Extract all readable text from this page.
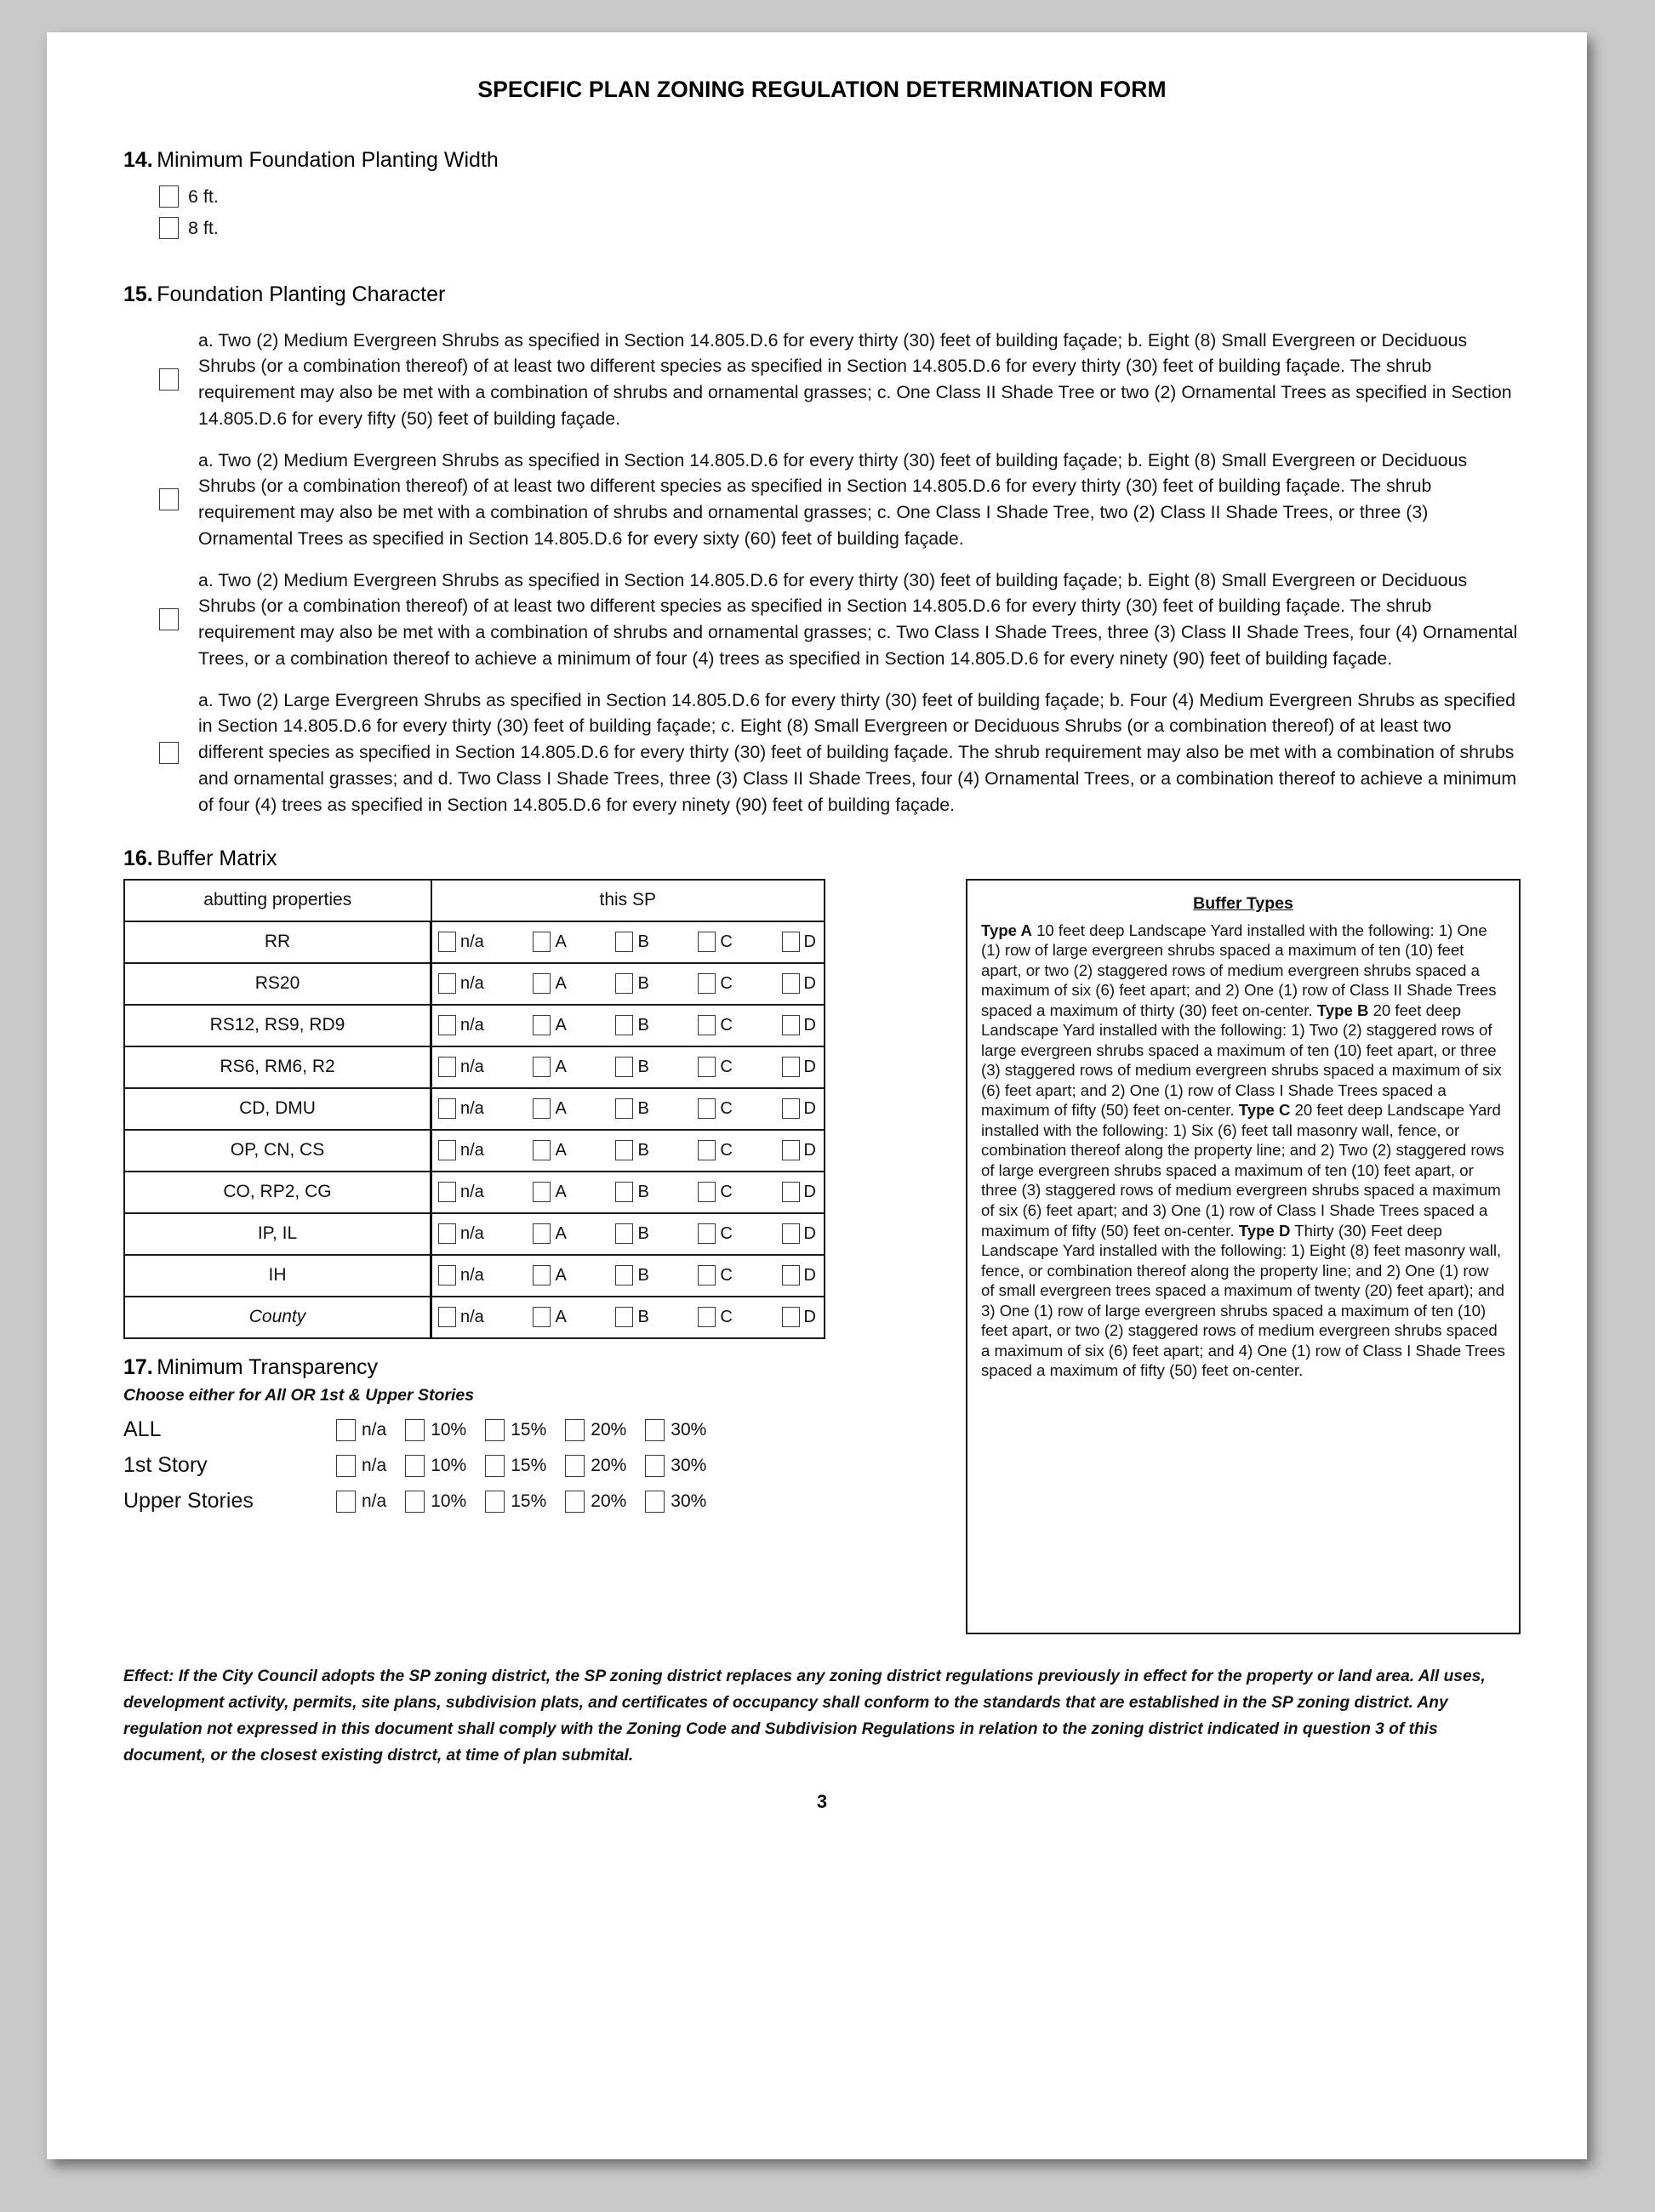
SPECIFIC PLAN ZONING REGULATION DETERMINATION FORM
14. Minimum Foundation Planting Width
6 ft.
8 ft.
15. Foundation Planting Character
a. Two (2) Medium Evergreen Shrubs as specified in Section 14.805.D.6 for every thirty (30) feet of building façade; b. Eight (8) Small Evergreen or Deciduous Shrubs (or a combination thereof) of at least two different species as specified in Section 14.805.D.6 for every thirty (30) feet of building façade. The shrub requirement may also be met with a combination of shrubs and ornamental grasses; c. One Class II Shade Tree or two (2) Ornamental Trees as specified in Section 14.805.D.6 for every fifty (50) feet of building façade.
a. Two (2) Medium Evergreen Shrubs as specified in Section 14.805.D.6 for every thirty (30) feet of building façade; b. Eight (8) Small Evergreen or Deciduous Shrubs (or a combination thereof) of at least two different species as specified in Section 14.805.D.6 for every thirty (30) feet of building façade. The shrub requirement may also be met with a combination of shrubs and ornamental grasses; c. One Class I Shade Tree, two (2) Class II Shade Trees, or three (3) Ornamental Trees as specified in Section 14.805.D.6 for every sixty (60) feet of building façade.
a. Two (2) Medium Evergreen Shrubs as specified in Section 14.805.D.6 for every thirty (30) feet of building façade; b. Eight (8) Small Evergreen or Deciduous Shrubs (or a combination thereof) of at least two different species as specified in Section 14.805.D.6 for every thirty (30) feet of building façade. The shrub requirement may also be met with a combination of shrubs and ornamental grasses; c. Two Class I Shade Trees, three (3) Class II Shade Trees, four (4) Ornamental Trees, or a combination thereof to achieve a minimum of four (4) trees as specified in Section 14.805.D.6 for every ninety (90) feet of building façade.
a. Two (2) Large Evergreen Shrubs as specified in Section 14.805.D.6 for every thirty (30) feet of building façade; b. Four (4) Medium Evergreen Shrubs as specified in Section 14.805.D.6 for every thirty (30) feet of building façade; c. Eight (8) Small Evergreen or Deciduous Shrubs (or a combination thereof) of at least two different species as specified in Section 14.805.D.6 for every thirty (30) feet of building façade. The shrub requirement may also be met with a combination of shrubs and ornamental grasses; and d. Two Class I Shade Trees, three (3) Class II Shade Trees, four (4) Ornamental Trees, or a combination thereof to achieve a minimum of four (4) trees as specified in Section 14.805.D.6 for every ninety (90) feet of building façade.
16. Buffer Matrix
abutting properties	this SP
RR	n/a A B C D

RS20	n/a A B C D

RS12, RS9, RD9	n/a A B C D

RS6, RM6, R2	n/a A B C D

CD, DMU	n/a A B C D

OP, CN, CS	n/a A B C D

CO, RP2, CG	n/a A B C D

IP, IL	n/a A B C D

IH	n/a A B C D

County	n/a A B C D
17. Minimum Transparency
Choose either for All OR 1st & Upper Stories
ALL	n/a 10% 15% 20% 30%
1st Story	n/a 10% 15% 20% 30%
Upper Stories	n/a 10% 15% 20% 30%
Buffer Types
Type A 10 feet deep Landscape Yard installed with the following: 1) One (1) row of large evergreen shrubs spaced a maximum of ten (10) feet apart, or two (2) staggered rows of medium evergreen shrubs spaced a maximum of six (6) feet apart; and 2) One (1) row of Class II Shade Trees spaced a maximum of thirty (30) feet on-center. Type B 20 feet deep Landscape Yard installed with the following: 1) Two (2) staggered rows of large evergreen shrubs spaced a maximum of ten (10) feet apart, or three (3) staggered rows of medium evergreen shrubs spaced a maximum of six (6) feet apart; and 2) One (1) row of Class I Shade Trees spaced a maximum of fifty (50) feet on-center. Type C 20 feet deep Landscape Yard installed with the following: 1) Six (6) feet tall masonry wall, fence, or combination thereof along the property line; and 2) Two (2) staggered rows of large evergreen shrubs spaced a maximum of ten (10) feet apart, or three (3) staggered rows of medium evergreen shrubs spaced a maximum of six (6) feet apart; and 3) One (1) row of Class I Shade Trees spaced a maximum of fifty (50) feet on-center. Type D Thirty (30) Feet deep Landscape Yard installed with the following: 1) Eight (8) feet masonry wall, fence, or combination thereof along the property line; and 2) One (1) row of small evergreen trees spaced a maximum of twenty (20) feet apart); and 3) One (1) row of large evergreen shrubs spaced a maximum of ten (10) feet apart, or two (2) staggered rows of medium evergreen shrubs spaced a maximum of six (6) feet apart; and 4) One (1) row of Class I Shade Trees spaced a maximum of fifty (50) feet on-center.
Effect: If the City Council adopts the SP zoning district, the SP zoning district replaces any zoning district regulations previously in effect for the property or land area. All uses, development activity, permits, site plans, subdivision plats, and certificates of occupancy shall conform to the standards that are established in the SP zoning district. Any regulation not expressed in this document shall comply with the Zoning Code and Subdivision Regulations in relation to the zoning district indicated in question 3 of this document, or the closest existing distrct, at time of plan submital.
3
